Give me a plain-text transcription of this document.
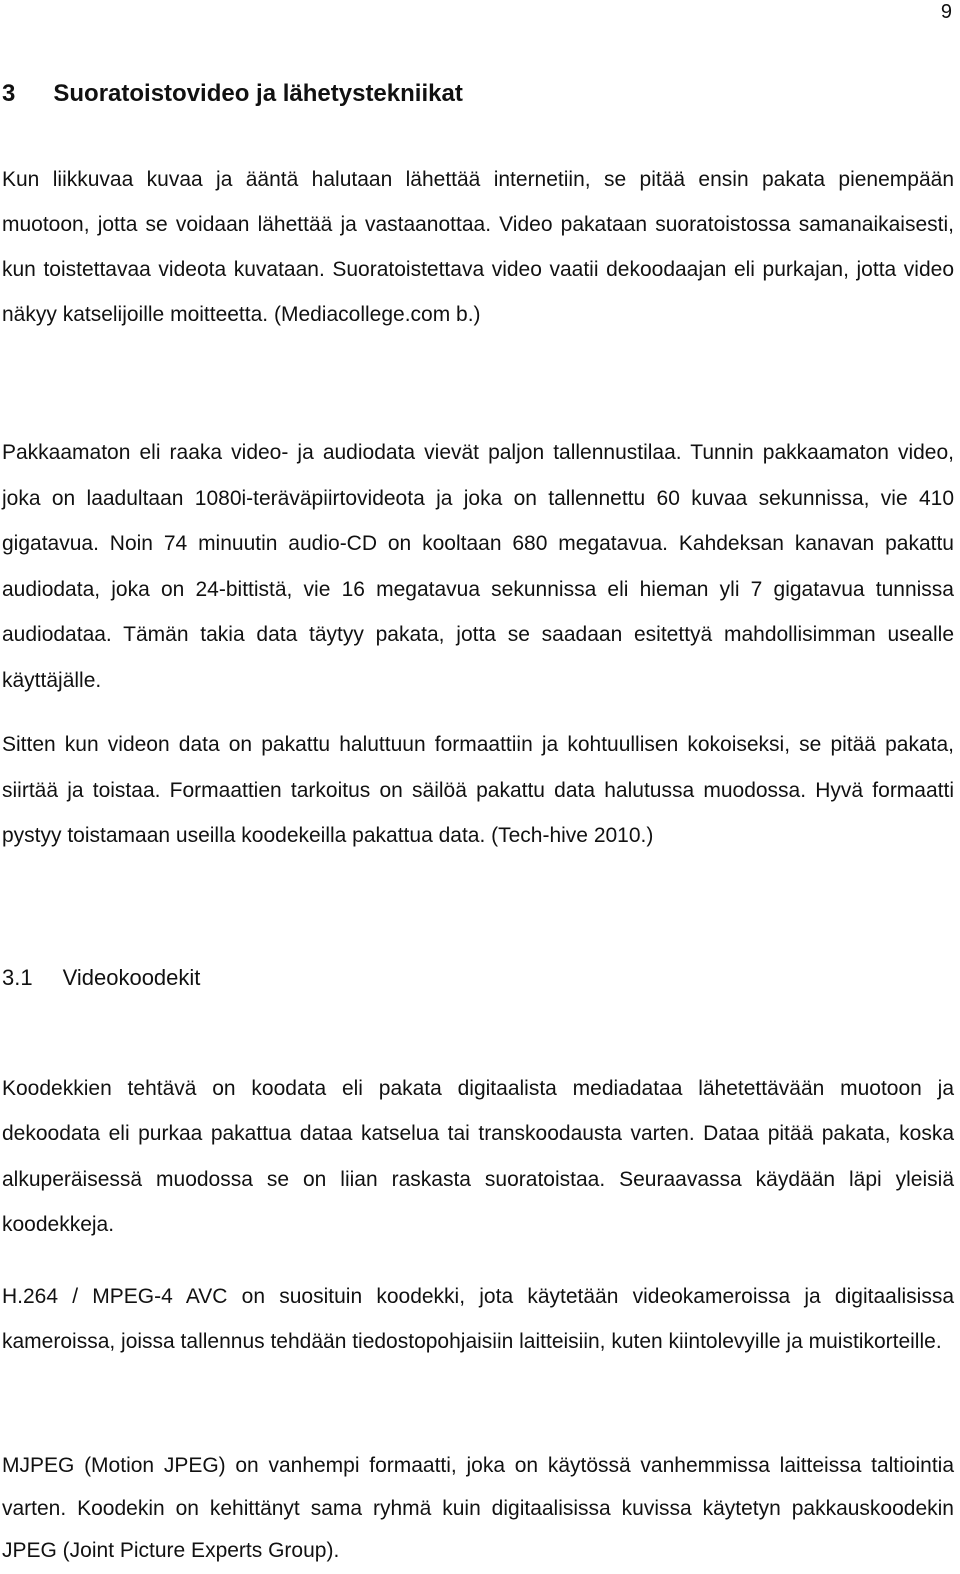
9
3 Suoratoistovideo ja lähetystekniikat

Kun liikkuvaa kuvaa ja ääntä halutaan lähettää internetiin, se pitää ensin pakata pienempään muotoon, jotta se voidaan lähettää ja vastaanottaa. Video pakataan suoratoistossa samanaikaisesti, kun toistettavaa videota kuvataan. Suoratoistettava video vaatii dekoodaajan eli purkajan, jotta video näkyy katselijoille moitteetta. (Mediacollege.com b.)

Pakkaamaton eli raaka video- ja audiodata vievät paljon tallennustilaa. Tunnin pakkaamaton video, joka on laadultaan 1080i-teräväpiirtovideota ja joka on tallennettu 60 kuvaa sekunnissa, vie 410 gigatavua. Noin 74 minuutin audio-CD on kooltaan 680 megatavua. Kahdeksan kanavan pakattu audiodata, joka on 24-bittistä, vie 16 megatavua sekunnissa eli hieman yli 7 gigatavua tunnissa audiodataa. Tämän takia data täytyy pakata, jotta se saadaan esitettyä mahdollisimman usealle käyttäjälle.

Sitten kun videon data on pakattu haluttuun formaattiin ja kohtuullisen kokoiseksi, se pitää pakata, siirtää ja toistaa. Formaattien tarkoitus on säilöä pakattu data halutussa muodossa. Hyvä formaatti pystyy toistamaan useilla koodekeilla pakattua data. (Tech-hive 2010.)

3.1 Videokoodekit

Koodekkien tehtävä on koodata eli pakata digitaalista mediadataa lähetettävään muotoon ja dekoodata eli purkaa pakattua dataa katselua tai transkoodausta varten. Dataa pitää pakata, koska alkuperäisessä muodossa se on liian raskasta suoratoistaa. Seuraavassa käydään läpi yleisiä koodekkeja.

H.264 / MPEG-4 AVC on suosituin koodekki, jota käytetään videokameroissa ja digitaalisissa kameroissa, joissa tallennus tehdään tiedostopohjaisiin laitteisiin, kuten kiintolevyille ja muistikorteille.

MJPEG (Motion JPEG) on vanhempi formaatti, joka on käytössä vanhemmissa laitteissa taltiointia varten. Koodekin on kehittänyt sama ryhmä kuin digitaalisissa kuvissa käytetyn pakkauskoodekin JPEG (Joint Picture Experts Group).
